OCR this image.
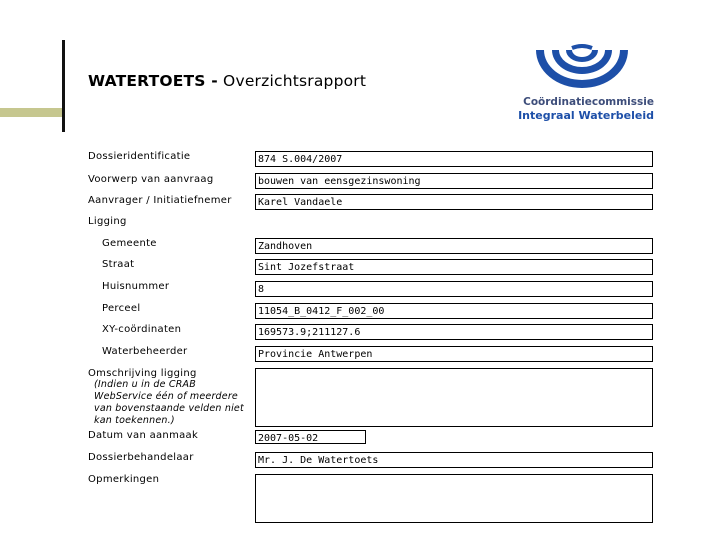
WATERTOETS - Overzichtsrapport
Coördinatiecommissie
Integraal Waterbeleid
Dossieridentificatie
Voorwerp van aanvraag
Aanvrager / Initiatiefnemer
Ligging
Gemeente
Straat
Huisnummer
Perceel
XY-coördinaten
Waterbeheerder
Omschrijving ligging
(Indien u in de CRAB
WebService één of meerdere
van bovenstaande velden niet
kan toekennen.)
Datum van aanmaak
Dossierbehandelaar
Opmerkingen
874 S.004/2007
bouwen van eensgezinswoning
Karel Vandaele
Zandhoven
Sint Jozefstraat
8
11054_B_0412_F_002_00
169573.9;211127.6
Provincie Antwerpen
2007-05-02
Mr. J. De Watertoets
